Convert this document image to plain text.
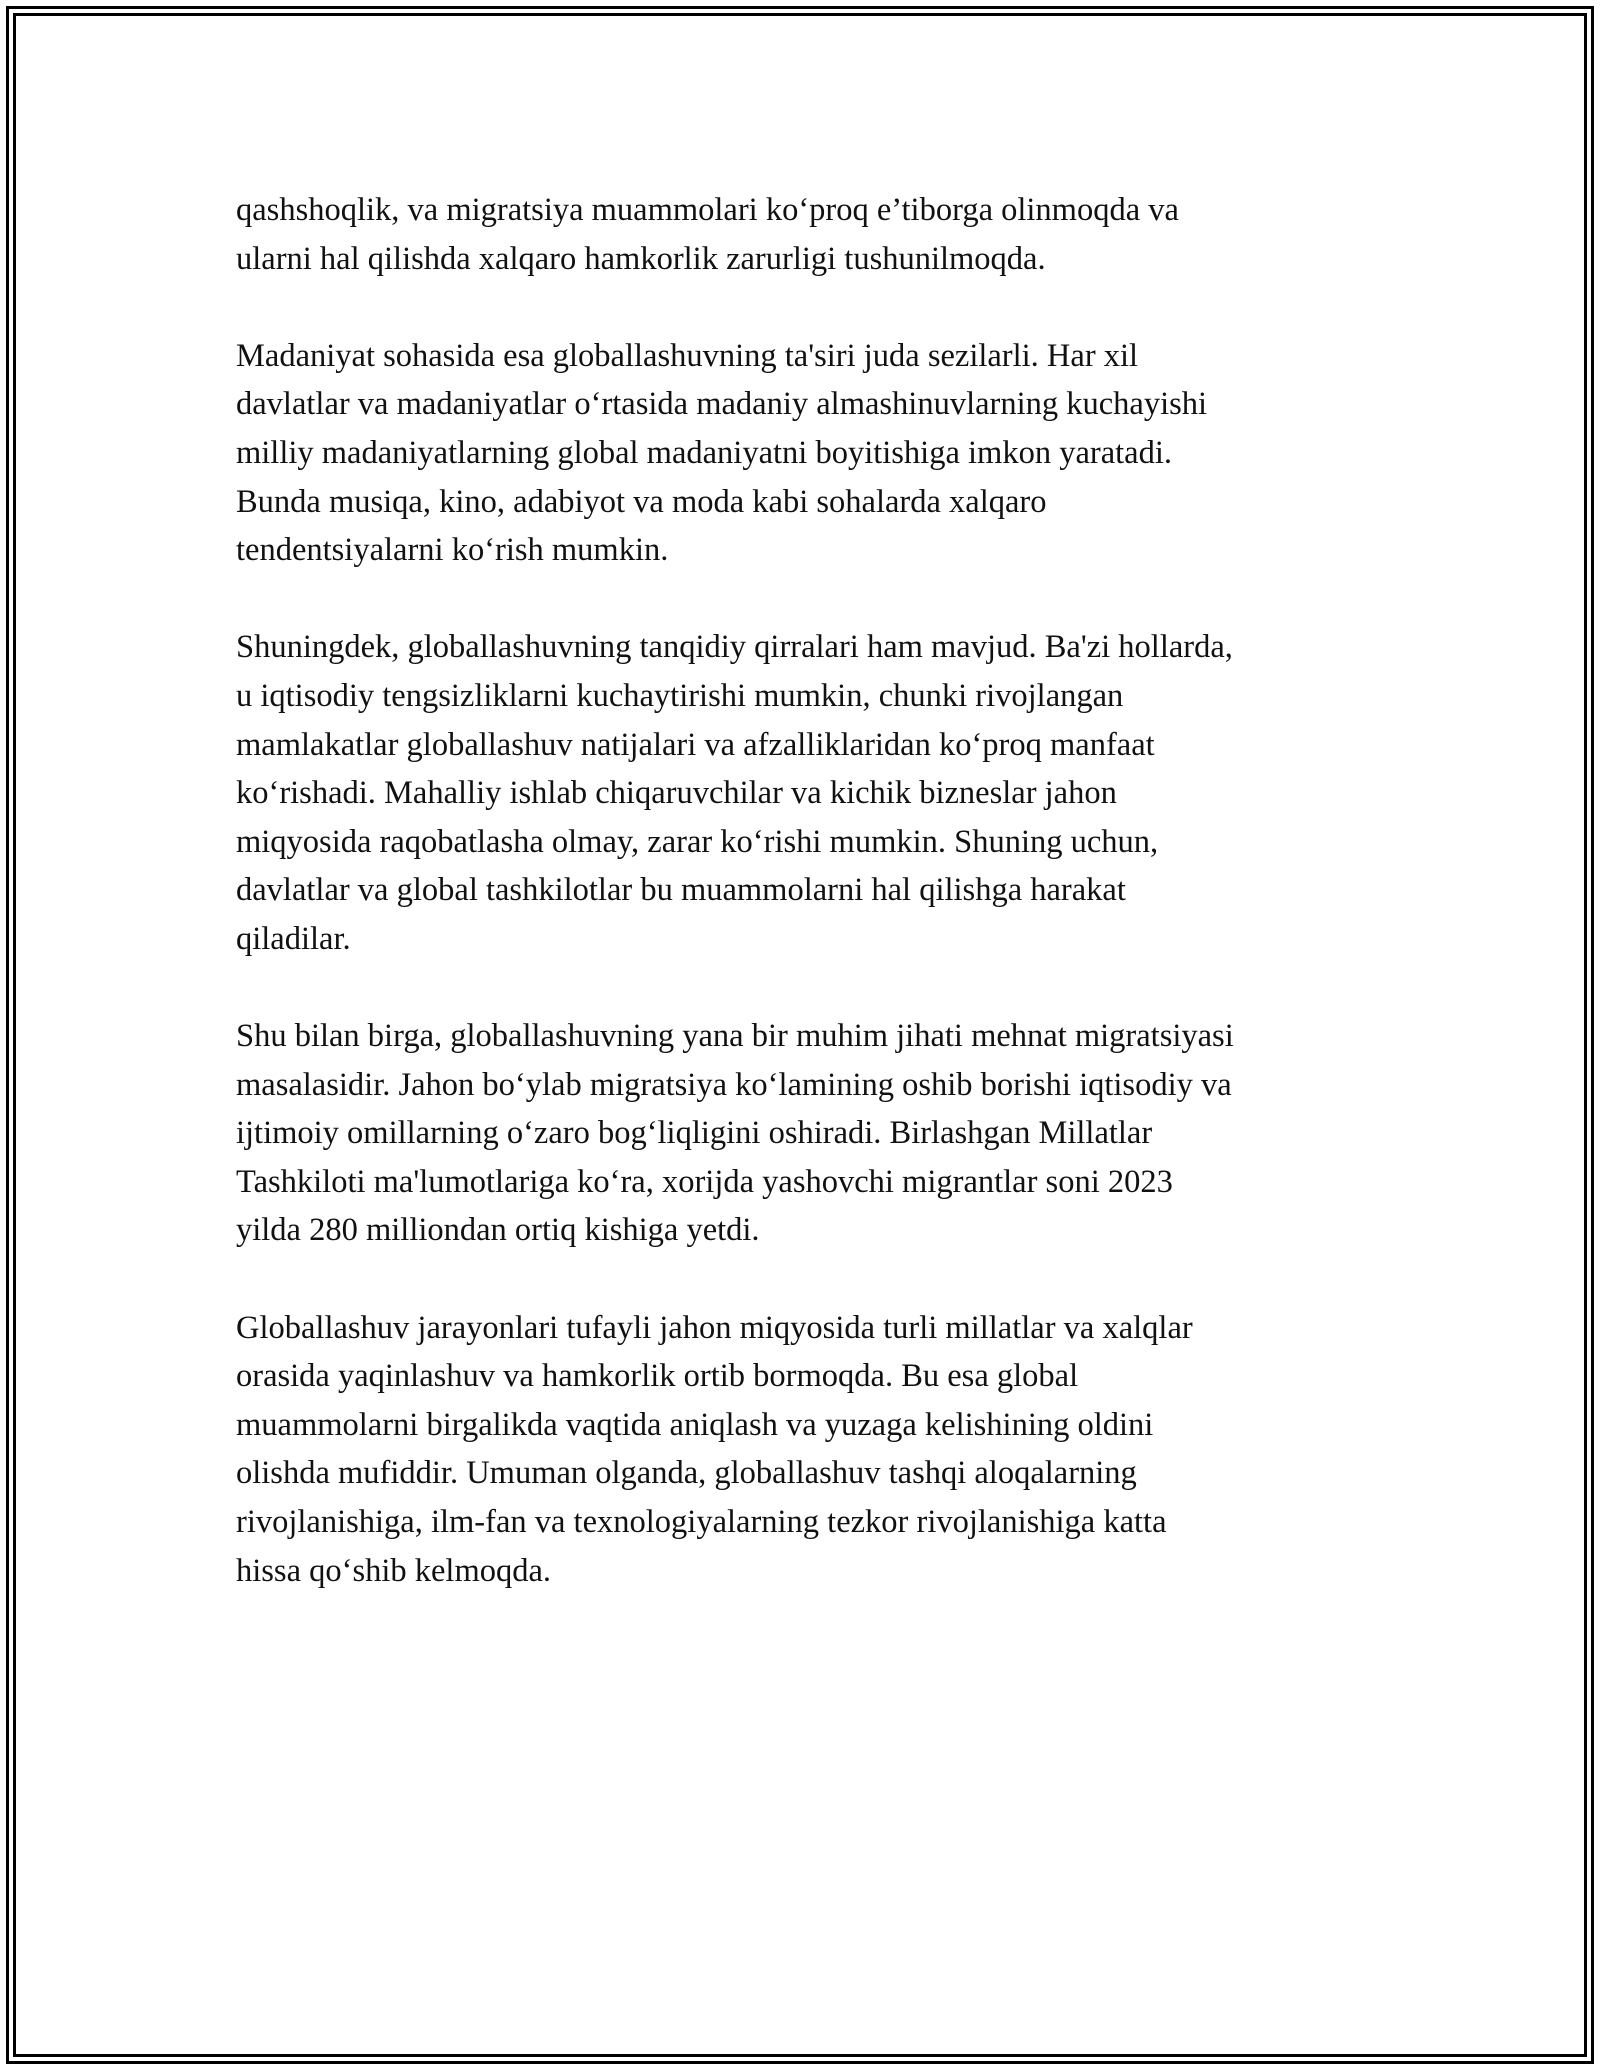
qashshoqlik, va migratsiya muammolari ko‘proq e’tiborga olinmoqda va
ularni hal qilishda xalqaro hamkorlik zarurligi tushunilmoqda.

Madaniyat sohasida esa globallashuvning ta'siri juda sezilarli. Har xil
davlatlar va madaniyatlar o‘rtasida madaniy almashinuvlarning kuchayishi
milliy madaniyatlarning global madaniyatni boyitishiga imkon yaratadi.
Bunda musiqa, kino, adabiyot va moda kabi sohalarda xalqaro
tendentsiyalarni ko‘rish mumkin.

Shuningdek, globallashuvning tanqidiy qirralari ham mavjud. Ba'zi hollarda,
u iqtisodiy tengsizliklarni kuchaytirishi mumkin, chunki rivojlangan
mamlakatlar globallashuv natijalari va afzalliklaridan ko‘proq manfaat
ko‘rishadi. Mahalliy ishlab chiqaruvchilar va kichik bizneslar jahon
miqyosida raqobatlasha olmay, zarar ko‘rishi mumkin. Shuning uchun,
davlatlar va global tashkilotlar bu muammolarni hal qilishga harakat
qiladilar.

Shu bilan birga, globallashuvning yana bir muhim jihati mehnat migratsiyasi
masalasidir. Jahon bo‘ylab migratsiya ko‘lamining oshib borishi iqtisodiy va
ijtimoiy omillarning o‘zaro bog‘liqligini oshiradi. Birlashgan Millatlar
Tashkiloti ma'lumotlariga ko‘ra, xorijda yashovchi migrantlar soni 2023
yilda 280 milliondan ortiq kishiga yetdi.

Globallashuv jarayonlari tufayli jahon miqyosida turli millatlar va xalqlar
orasida yaqinlashuv va hamkorlik ortib bormoqda. Bu esa global
muammolarni birgalikda vaqtida aniqlash va yuzaga kelishining oldini
olishda mufiddir. Umuman olganda, globallashuv tashqi aloqalarning
rivojlanishiga, ilm-fan va texnologiyalarning tezkor rivojlanishiga katta
hissa qo‘shib kelmoqda.
